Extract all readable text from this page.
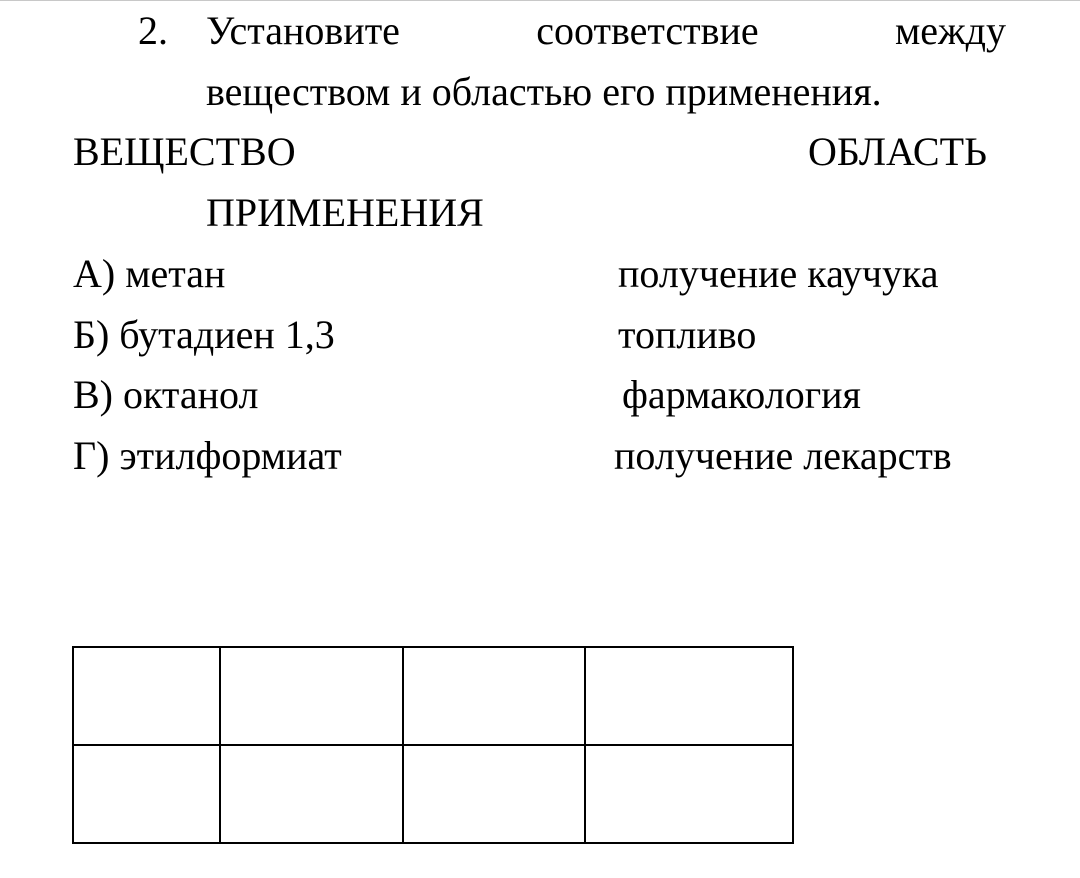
2. Установите	соответствие	между
веществом и областью его применения.
ВЕЩЕСТВО	ОБЛАСТЬ
ПРИМЕНЕНИЯ
А) метан	получение каучука
Б) бутадиен 1,3	топливо
В) октанол	фармакология
Г) этилформиат	получение лекарств
